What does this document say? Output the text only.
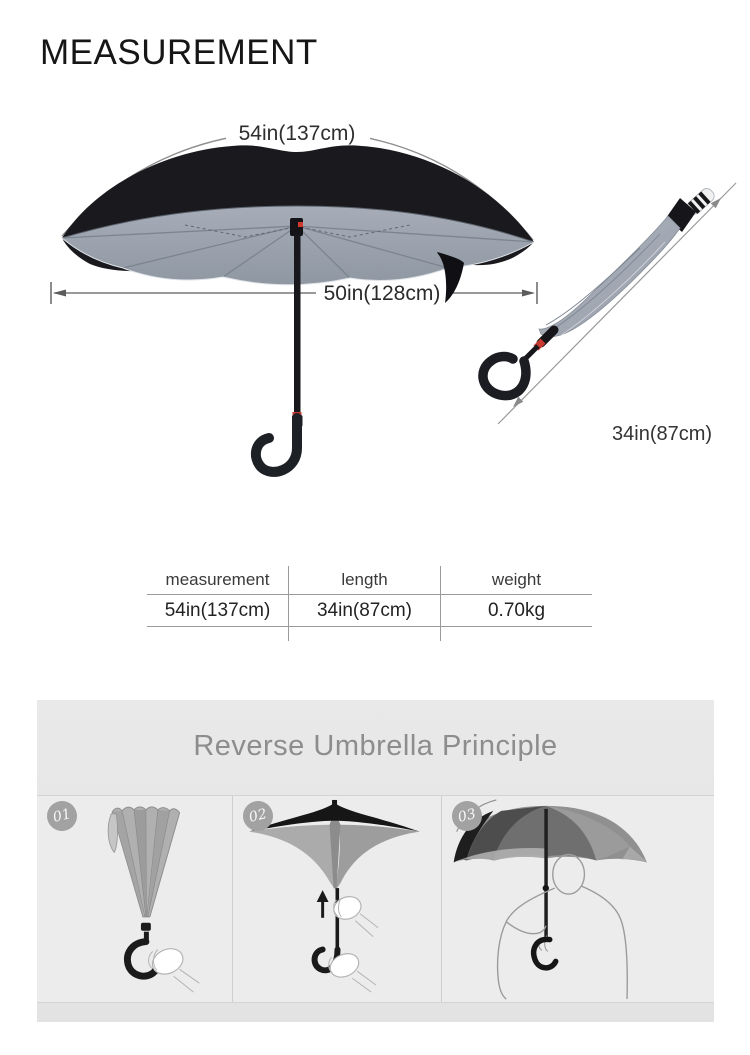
MEASUREMENT
54in(137cm)
50in(128cm)
34in(87cm)
measurement	length	weight
54in(137cm)	34in(87cm)	0.70kg
Reverse Umbrella Principle
01	02	03
